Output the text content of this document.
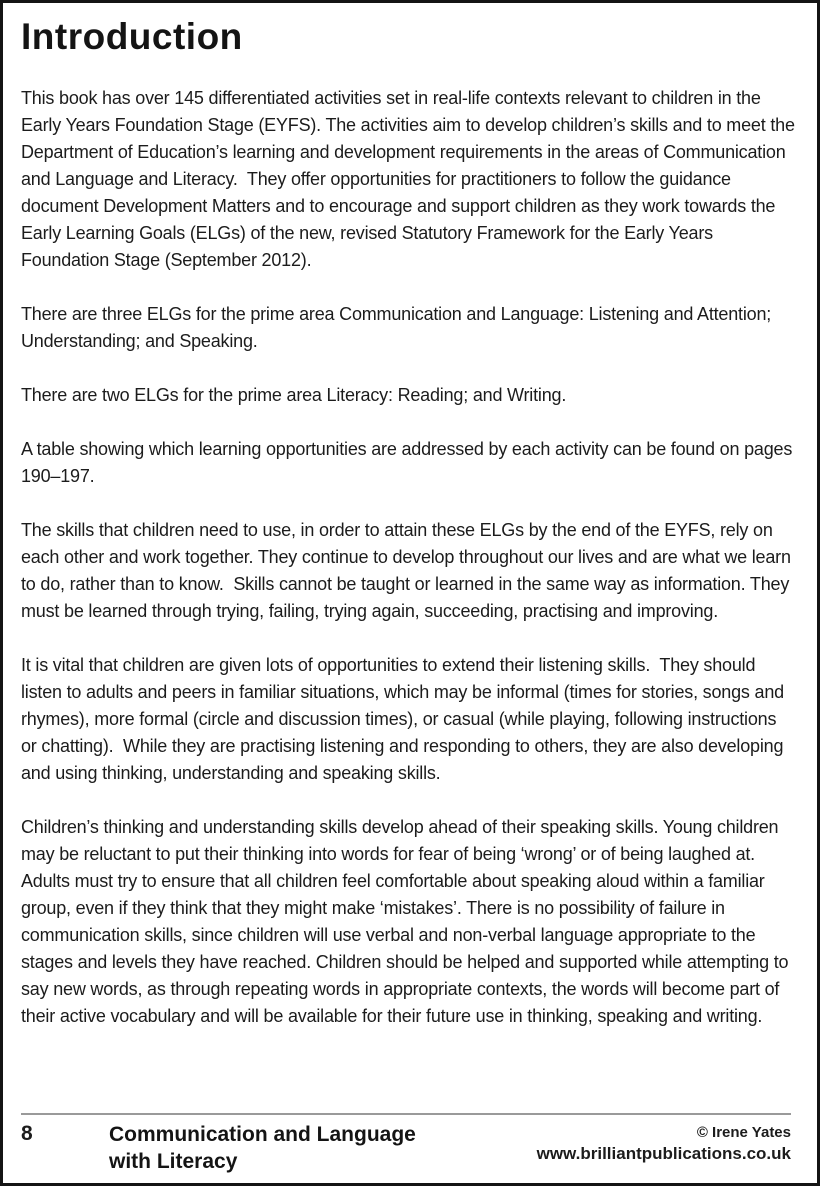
Introduction

This book has over 145 differentiated activities set in real-life contexts relevant to children in the Early Years Foundation Stage (EYFS). The activities aim to develop children’s skills and to meet the Department of Education’s learning and development requirements in the areas of Communication and Language and Literacy.  They offer opportunities for practitioners to follow the guidance document Development Matters and to encourage and support children as they work towards the Early Learning Goals (ELGs) of the new, revised Statutory Framework for the Early Years Foundation Stage (September 2012).

There are three ELGs for the prime area Communication and Language: Listening and Attention; Understanding; and Speaking.

There are two ELGs for the prime area Literacy: Reading; and Writing.

A table showing which learning opportunities are addressed by each activity can be found on pages 190–197.

The skills that children need to use, in order to attain these ELGs by the end of the EYFS, rely on each other and work together. They continue to develop throughout our lives and are what we learn to do, rather than to know.  Skills cannot be taught or learned in the same way as information. They must be learned through trying, failing, trying again, succeeding, practising and improving.

It is vital that children are given lots of opportunities to extend their listening skills.  They should listen to adults and peers in familiar situations, which may be informal (times for stories, songs and rhymes), more formal (circle and discussion times), or casual (while playing, following instructions or chatting).  While they are practising listening and responding to others, they are also developing and using thinking, understanding and speaking skills.

Children’s thinking and understanding skills develop ahead of their speaking skills. Young children may be reluctant to put their thinking into words for fear of being ‘wrong’ or of being laughed at.  Adults must try to ensure that all children feel comfortable about speaking aloud within a familiar group, even if they think that they might make ‘mistakes’. There is no possibility of failure in communication skills, since children will use verbal and non-verbal language appropriate to the stages and levels they have reached. Children should be helped and supported while attempting to say new words, as through repeating words in appropriate contexts, the words will become part of their active vocabulary and will be available for their future use in thinking, speaking and writing.

8	Communication and Language
with Literacy
© Irene Yates
www.brilliantpublications.co.uk
